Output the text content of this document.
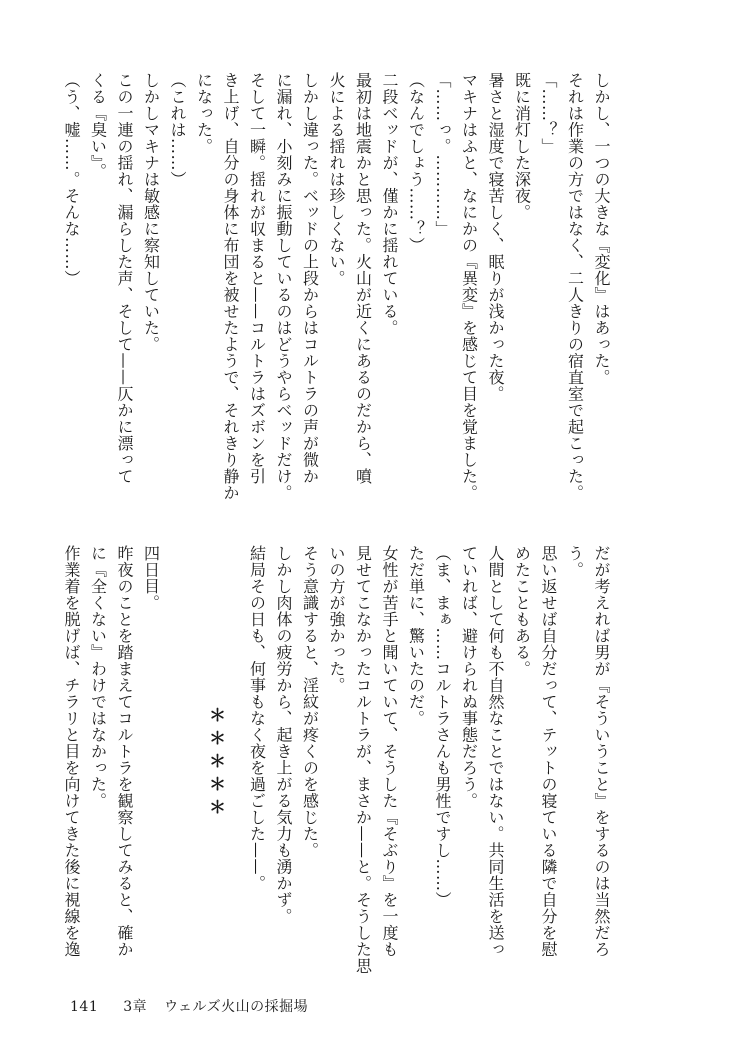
しかし、一つの大きな『変化』はあった。
それは作業の方ではなく、二人きりの宿直室で起こった。
「……？」
既に消灯した深夜。
暑さと湿度で寝苦しく、眠りが浅かった夜。
マキナはふと、なにかの『異変』を感じて目を覚ました。
「……っ。…………」
（なんでしょう……？）
二段ベッドが、僅かに揺れている。
最初は地震かと思った。火山が近くにあるのだから、噴
火による揺れは珍しくない。
しかし違った。ベッドの上段からはコルトラの声が微か
に漏れ、小刻みに振動しているのはどうやらベッドだけ。
そして一瞬。揺れが収まると——コルトラはズボンを引
き上げ、自分の身体に布団を被せたようで、それきり静か
になった。
（これは……）
しかしマキナは敏感に察知していた。
この一連の揺れ、漏らした声、そして——仄かに漂って
くる『臭い』。
（う、嘘……。そんな……）
だが考えれば男が『そういうこと』をするのは当然だろ
う。
思い返せば自分だって、テットの寝ている隣で自分を慰
めたこともある。
人間として何も不自然なことではない。共同生活を送っ
ていれば、避けられぬ事態だろう。
（ま、まぁ……コルトラさんも男性ですし……）
ただ単に、驚いたのだ。
女性が苦手と聞いていて、そうした『そぶり』を一度も
見せてこなかったコルトラが、まさか——と。そうした思
いの方が強かった。
そう意識すると、淫紋が疼くのを感じた。
しかし肉体の疲労から、起き上がる気力も湧かず。
結局その日も、何事もなく夜を過ごした——。

四日目。
昨夜のことを踏まえてコルトラを観察してみると、確か
に『全くない』わけではなかった。
作業着を脱げば、チラリと目を向けてきた後に視線を逸	＊＊＊＊＊
141 3章 ウェルズ火山の採掘場
